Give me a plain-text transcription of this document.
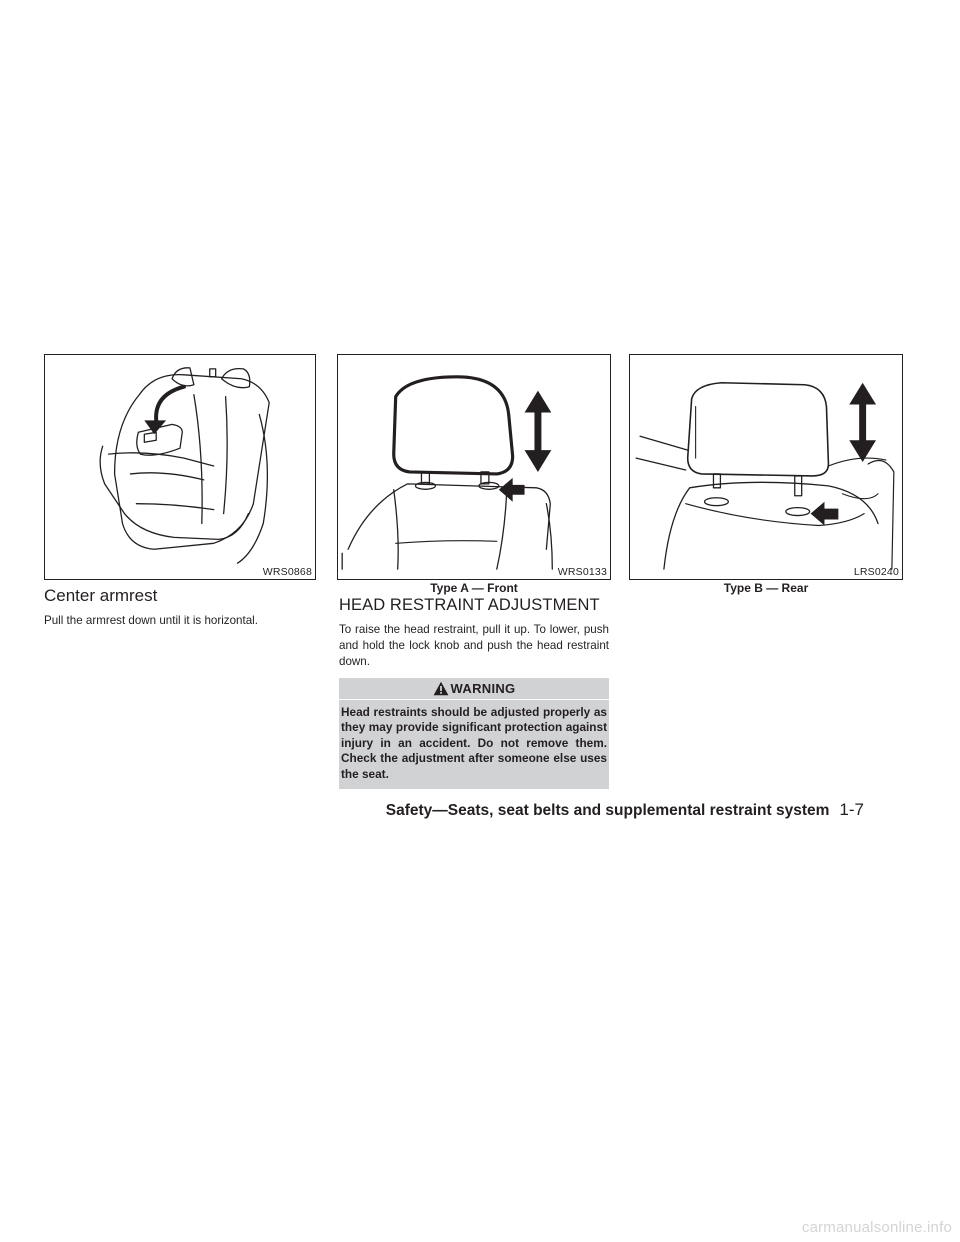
WRS0868	WRS0133	LRS0240
Type A — Front	Type B — Rear
Center armrest

Pull the armrest down until it is horizontal.

HEAD RESTRAINT ADJUSTMENT

To raise the head restraint, pull it up. To lower, push and hold the lock knob and push the head restraint down.

WARNING
Head restraints should be adjusted properly as they may provide significant protection against injury in an accident. Do not remove them. Check the adjustment after someone else uses the seat.
Safety—Seats, seat belts and supplemental restraint system 1-7
carmanualsonline.info
